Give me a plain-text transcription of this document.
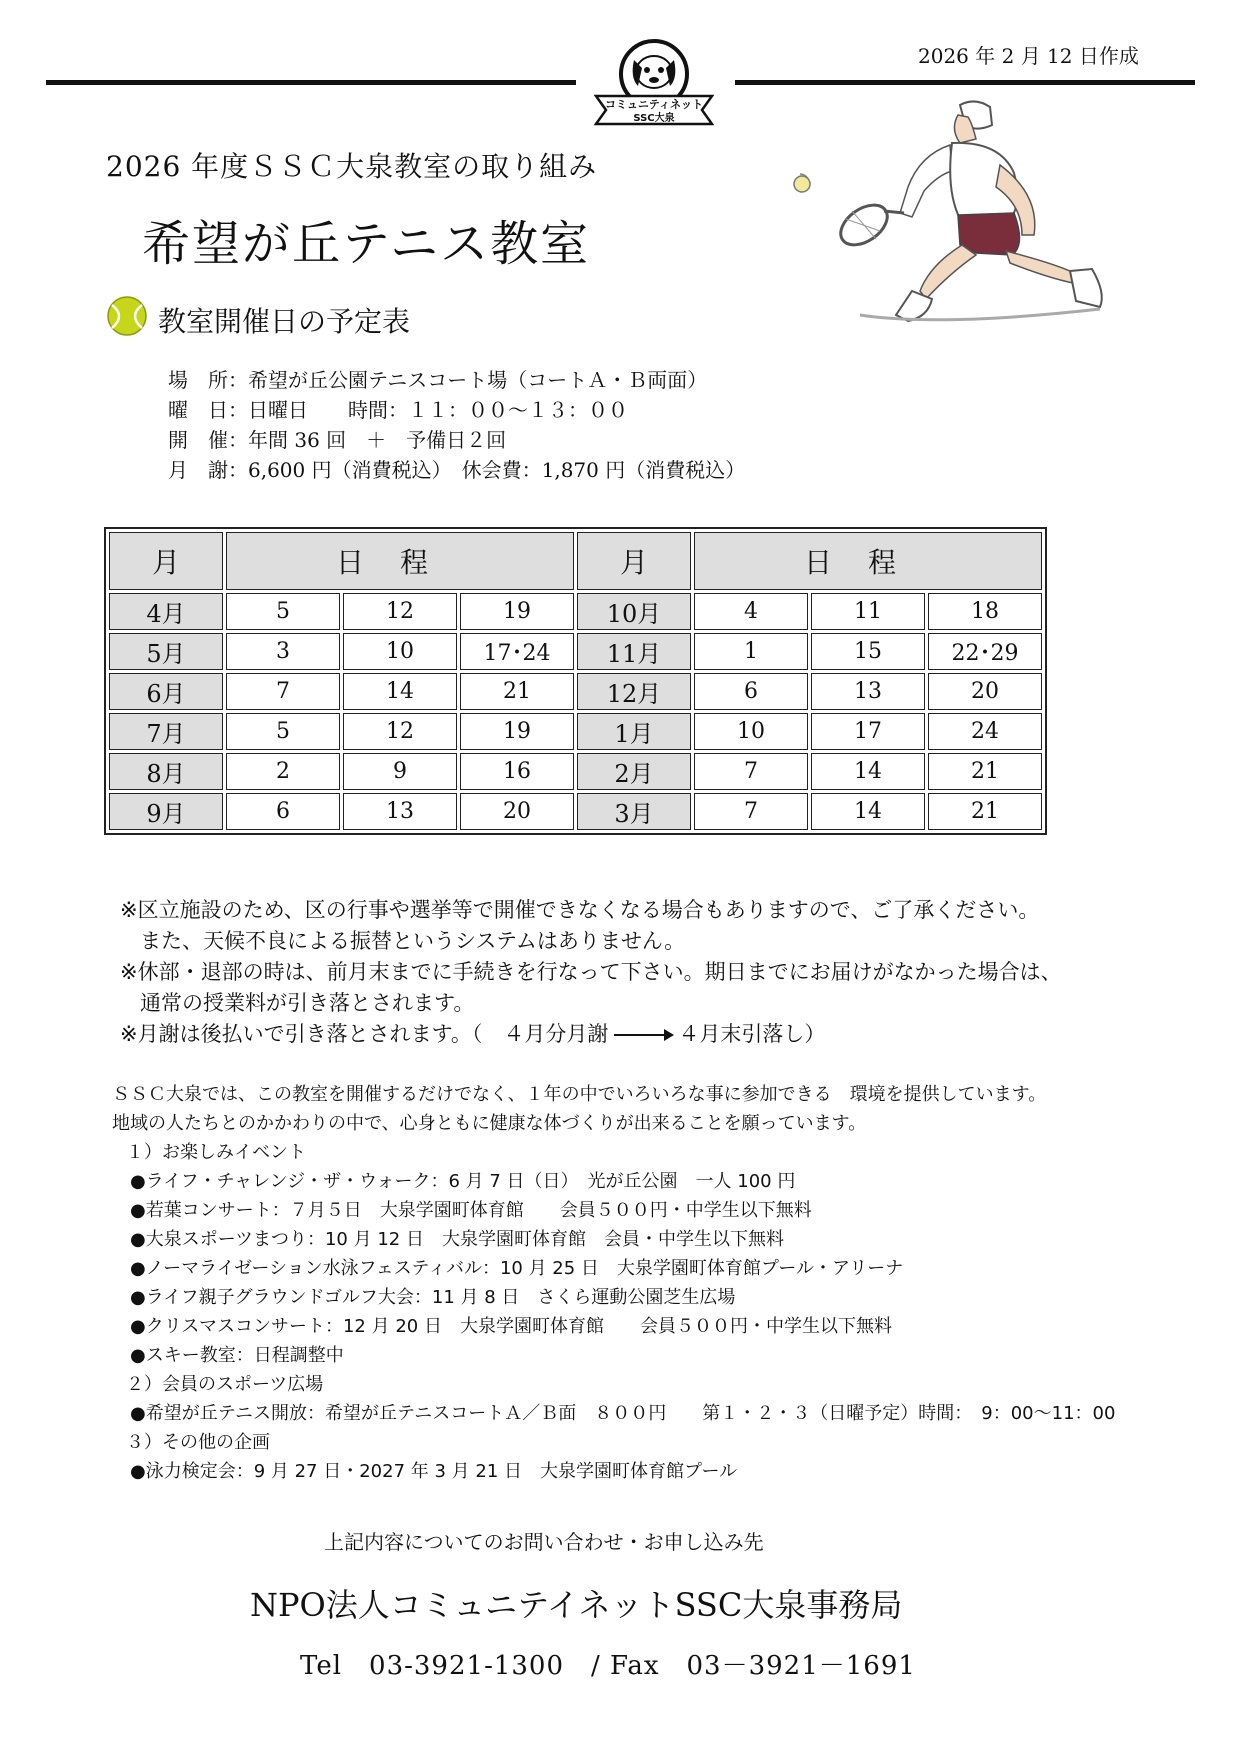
コミュニティネット
SSC大泉
2026 年 2 月 12 日作成
2026 年度ＳＳＣ大泉教室の取り組み
希望が丘テニス教室
教室開催日の予定表
場　所：希望が丘公園テニスコート場（コートＡ・Ｂ両面）
曜　日：日曜日　　時間：１１：００～１３：００
開　催：年間 36 回　＋　予備日２回
月　謝：6,600 円（消費税込）　休会費：1,870 円（消費税込）
月	日程			月	日程		
4月	5	12	19	10月	4	11	18
5月	3	10	17･24	11月	1	15	22･29
6月	7	14	21	12月	6	13	20
7月	5	12	19	1月	10	17	24
8月	2	9	16	2月	7	14	21
9月	6	13	20	3月	7	14	21
※区立施設のため、区の行事や選挙等で開催できなくなる場合もありますので、ご了承ください。
また、天候不良による振替というシステムはありません。
※休部・退部の時は、前月末までに手続きを行なって下さい。期日までにお届けがなかった場合は、
通常の授業料が引き落とされます。
※月謝は後払いで引き落とされます。（　４月分月謝	４月末引落し）
ＳＳＣ大泉では、この教室を開催するだけでなく、１年の中でいろいろな事に参加できる　環境を提供しています。
地域の人たちとのかかわりの中で、心身ともに健康な体づくりが出来ることを願っています。
１）お楽しみイベント
●ライフ・チャレンジ・ザ・ウォーク：6 月 7 日（日）　光が丘公園　一人 100 円
●若葉コンサート：７月５日　大泉学園町体育館　　会員５００円・中学生以下無料
●大泉スポーツまつり：10 月 12 日　大泉学園町体育館　会員・中学生以下無料
●ノーマライゼーション水泳フェスティバル：10 月 25 日　大泉学園町体育館プール・アリーナ
●ライフ親子グラウンドゴルフ大会：11 月 8 日　さくら運動公園芝生広場
●クリスマスコンサート：12 月 20 日　大泉学園町体育館　　会員５００円・中学生以下無料
●スキー教室：日程調整中
２）会員のスポーツ広場
●希望が丘テニス開放：希望が丘テニスコートＡ／Ｂ面　８００円　　第１・２・３（日曜予定）時間：　9：00～11：00
３）その他の企画
●泳力検定会：9 月 27 日・2027 年 3 月 21 日　大泉学園町体育館プール
上記内容についてのお問い合わせ・お申し込み先
NPO法人コミュニテイネットSSC大泉事務局
Tel　03-3921-1300　/ Fax　03－3921－1691
